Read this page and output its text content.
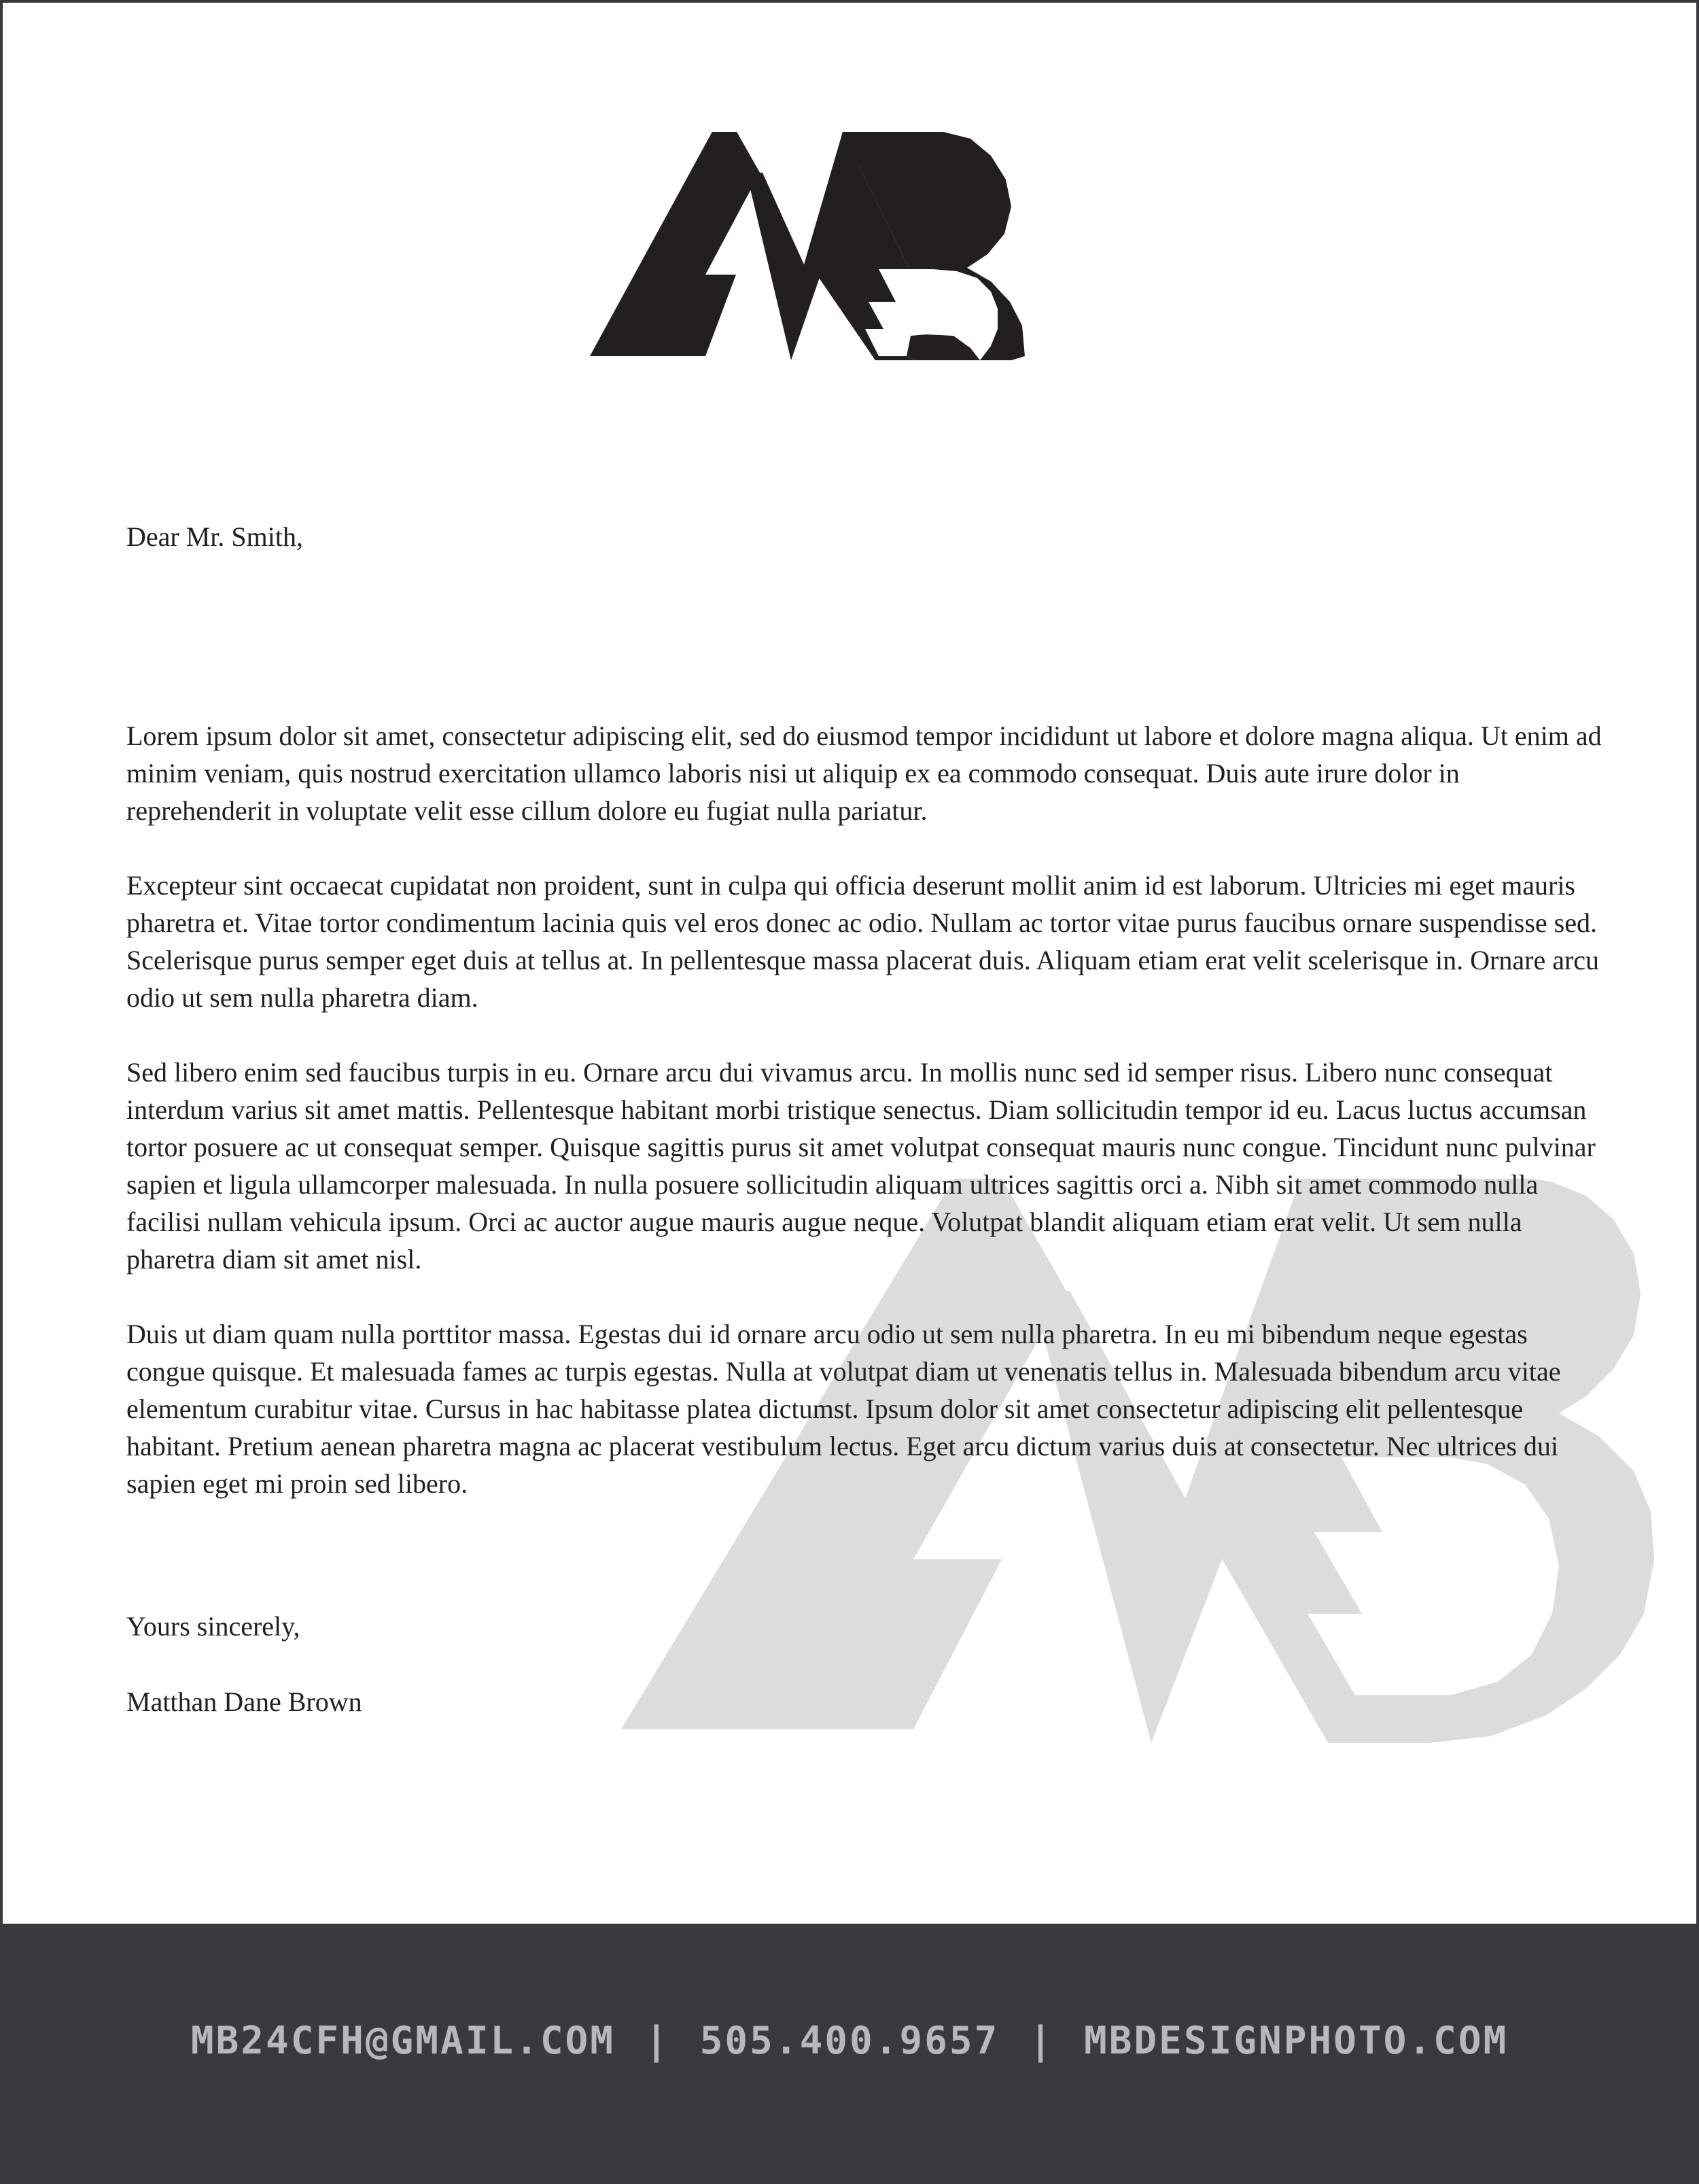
Dear Mr. Smith,

Lorem ipsum dolor sit amet, consectetur adipiscing elit, sed do eiusmod tempor incididunt ut labore et dolore magna aliqua. Ut enim ad minim veniam, quis nostrud exercitation ullamco laboris nisi ut aliquip ex ea commodo consequat. Duis aute irure dolor in reprehenderit in voluptate velit esse cillum dolore eu fugiat nulla pariatur.

Excepteur sint occaecat cupidatat non proident, sunt in culpa qui officia deserunt mollit anim id est laborum. Ultricies mi eget mauris pharetra et. Vitae tortor condimentum lacinia quis vel eros donec ac odio. Nullam ac tortor vitae purus faucibus ornare suspendisse sed. Scelerisque purus semper eget duis at tellus at. In pellentesque massa placerat duis. Aliquam etiam erat velit scelerisque in. Ornare arcu odio ut sem nulla pharetra diam.

Sed libero enim sed faucibus turpis in eu. Ornare arcu dui vivamus arcu. In mollis nunc sed id semper risus. Libero nunc consequat interdum varius sit amet mattis. Pellentesque habitant morbi tristique senectus. Diam sollicitudin tempor id eu. Lacus luctus accumsan tortor posuere ac ut consequat semper. Quisque sagittis purus sit amet volutpat consequat mauris nunc congue. Tincidunt nunc pulvinar sapien et ligula ullamcorper malesuada. In nulla posuere sollicitudin aliquam ultrices sagittis orci a. Nibh sit amet commodo nulla facilisi nullam vehicula ipsum. Orci ac auctor augue mauris augue neque. Volutpat blandit aliquam etiam erat velit. Ut sem nulla pharetra diam sit amet nisl.

Duis ut diam quam nulla porttitor massa. Egestas dui id ornare arcu odio ut sem nulla pharetra. In eu mi bibendum neque egestas congue quisque. Et malesuada fames ac turpis egestas. Nulla at volutpat diam ut venenatis tellus in. Malesuada bibendum arcu vitae elementum curabitur vitae. Cursus in hac habitasse platea dictumst. Ipsum dolor sit amet consectetur adipiscing elit pellentesque habitant. Pretium aenean pharetra magna ac placerat vestibulum lectus. Eget arcu dictum varius duis at consectetur. Nec ultrices dui sapien eget mi proin sed libero.

Yours sincerely,

Matthan Dane Brown

MB24CFH@GMAIL.COM | 505.400.9657 | MBDESIGNPHOTO.COM
